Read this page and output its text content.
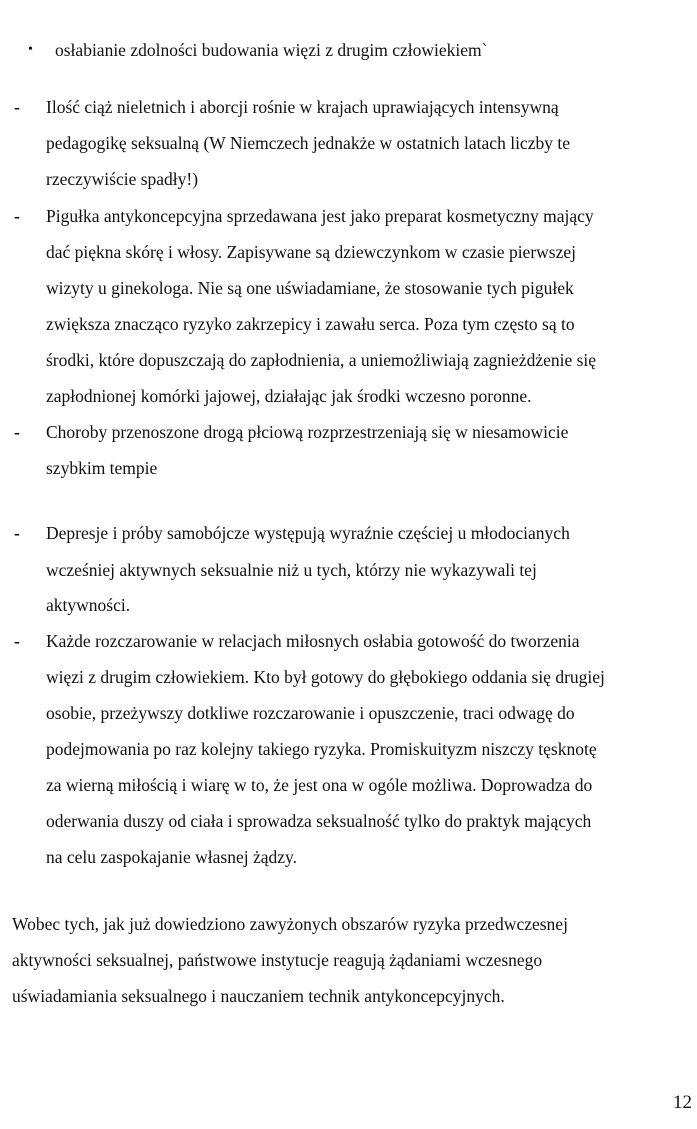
• osłabianie zdolności budowania więzi z drugim człowiekiem`
- Ilość ciąż nieletnich i aborcji rośnie w krajach uprawiających intensywną
pedagogikę seksualną (W Niemczech jednakże w ostatnich latach liczby te
rzeczywiście spadły!)
- Pigułka antykoncepcyjna sprzedawana jest jako preparat kosmetyczny mający
dać piękna skórę i włosy. Zapisywane są dziewczynkom w czasie pierwszej
wizyty u ginekologa. Nie są one uświadamiane, że stosowanie tych pigułek
zwiększa znacząco ryzyko zakrzepicy i zawału serca. Poza tym często są to
środki, które dopuszczają do zapłodnienia, a uniemożliwiają zagnieżdżenie się
zapłodnionej komórki jajowej, działając jak środki wczesno poronne.
- Choroby przenoszone drogą płciową rozprzestrzeniają się w niesamowicie
szybkim tempie
- Depresje i próby samobójcze występują wyraźnie częściej u młodocianych
wcześniej aktywnych seksualnie niż u tych, którzy nie wykazywali tej
aktywności.
- Każde rozczarowanie w relacjach miłosnych osłabia gotowość do tworzenia
więzi z drugim człowiekiem. Kto był gotowy do głębokiego oddania się drugiej
osobie, przeżywszy dotkliwe rozczarowanie i opuszczenie, traci odwagę do
podejmowania po raz kolejny takiego ryzyka. Promiskuityzm niszczy tęsknotę
za wierną miłością i wiarę w to, że jest ona w ogóle możliwa. Doprowadza do
oderwania duszy od ciała i sprowadza seksualność tylko do praktyk mających
na celu zaspokajanie własnej żądzy.
Wobec tych, jak już dowiedziono zawyżonych obszarów ryzyka przedwczesnej
aktywności seksualnej, państwowe instytucje reagują żądaniami wczesnego
uświadamiania seksualnego i nauczaniem technik antykoncepcyjnych.
12
